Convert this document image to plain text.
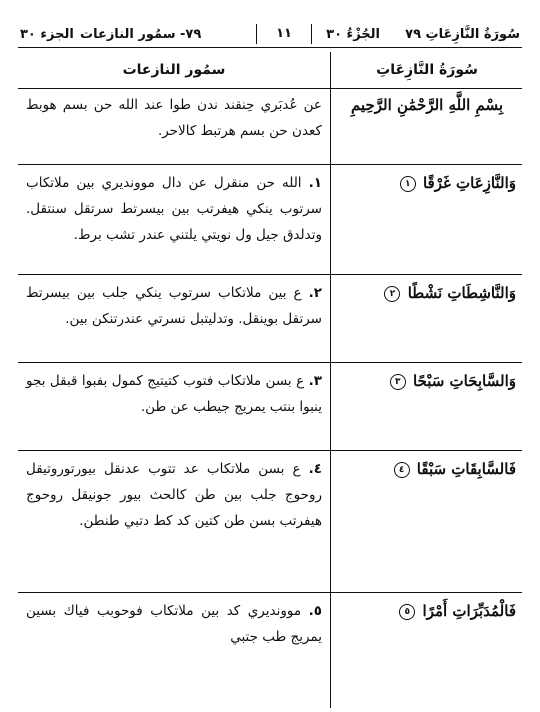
سُورَةُ النَّازِعَاتِ ٧٩
الجُزْءُ ٣٠
١١
٧٩- سمُور النازعات
الجزء ٣٠
سُورَةُ النَّازِعَاتِ
سمُور النازعات
بِسْمِ اللَّهِ الرَّحْمَٰنِ الرَّحِيمِ
عن عُدبَري حِنقند ندن طوا عند الله حن بسم هوبط كعدن حن بسم هرتبط كالاحر.
وَالنَّازِعَاتِ غَرْقًا ١
١. الله حن منقرل عن دال موونديري بين ملاتكاب سرتوب ينكي هيفرتب بين بيسرتط سرتقل سنتقل. وتدلدق جيل ول نويتي يلتني عندر تشب برط.
وَالنَّاشِطَاتِ نَشْطًا ٢
٢. ع بين ملاتكاب سرتوب ينكي جلب بين بيسرتط سرتقل بوينقل. وتدليتبل نسرتي عندرتنكن بين.
وَالسَّابِحَاتِ سَبْحًا ٣
٣. ع بسن ملاتكاب فتوب كتيتيج كمول بفبوا قبقل بجو ينبوا بنتب يمريج جيطب عن طن.
فَالسَّابِقَاتِ سَبْقًا ٤
٤. ع بسن ملاتكاب عد تتوب عدنقل بيورتوروتيقل روحوج جلب بين طن كالحث بيور جونيقل روحوج هيفرتب بسن طن كتين كد كط دتبي طنطن.
فَالْمُدَبِّرَاتِ أَمْرًا ٥
٥. موونديري كد بين ملاتكاب فوحوبب فياك بسين يمريج طب جتبي
